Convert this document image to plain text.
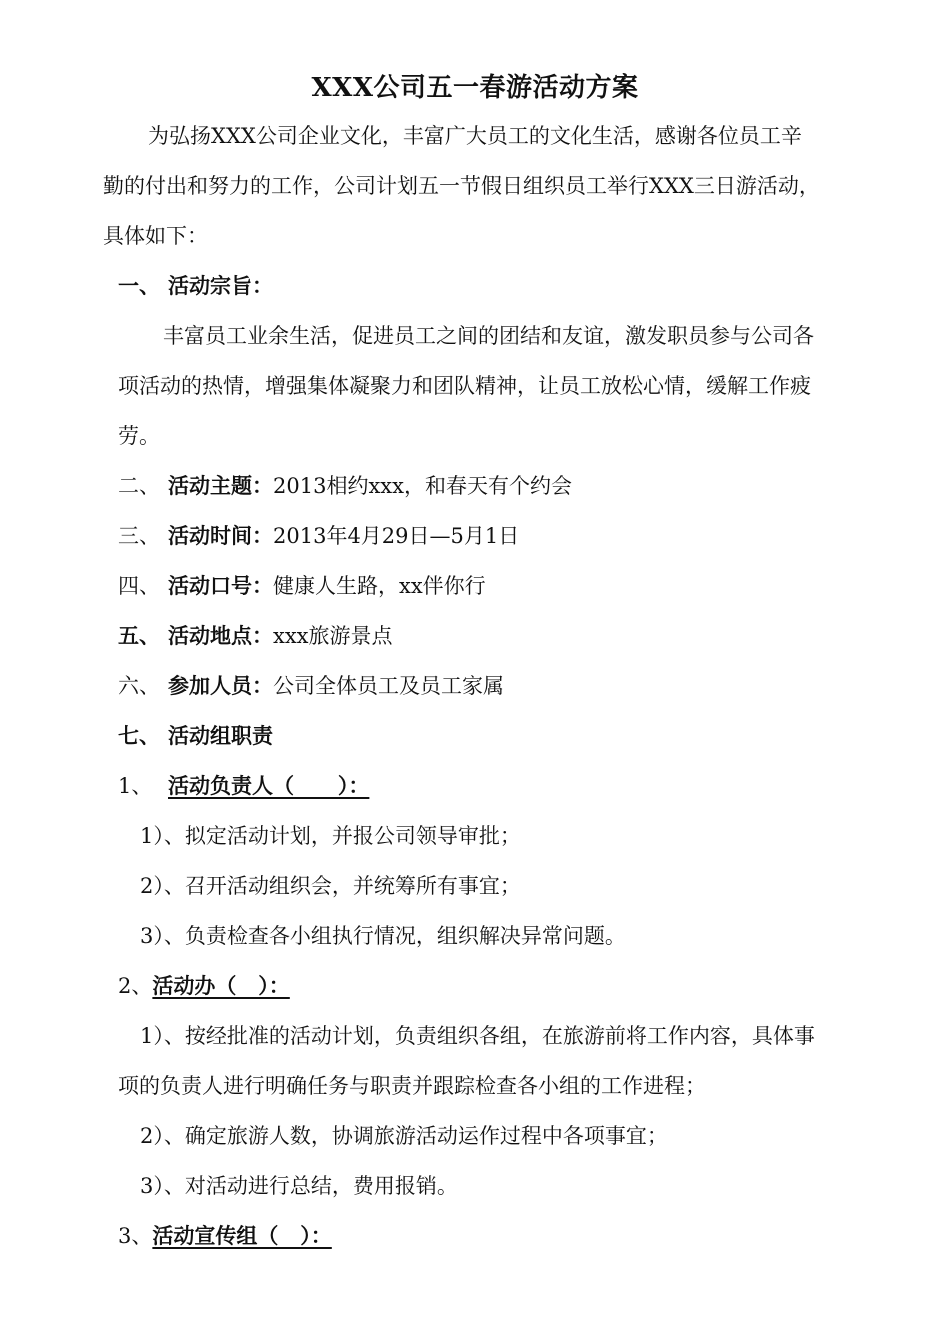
XXX公司五一春游活动方案
为弘扬XXX公司企业文化，丰富广大员工的文化生活，感谢各位员工辛
勤的付出和努力的工作，公司计划五一节假日组织员工举行XXX三日游活动，
具体如下：
一、 活动宗旨：
丰富员工业余生活，促进员工之间的团结和友谊，激发职员参与公司各
项活动的热情，增强集体凝聚力和团队精神，让员工放松心情，缓解工作疲
劳。
二、 活动主题：2013相约xxx，和春天有个约会
三、 活动时间：2013年4月29日—5月1日
四、 活动口号：健康人生路，xx伴你行
五、 活动地点：xxx旅游景点
六、 参加人员：公司全体员工及员工家属
七、 活动组职责
1、 活动负责人（      ）：
1）、拟定活动计划，并报公司领导审批；
2）、召开活动组织会，并统筹所有事宜；
3）、负责检查各小组执行情况，组织解决异常问题。
2、活动办（   ）：
1）、按经批准的活动计划，负责组织各组，在旅游前将工作内容，具体事
项的负责人进行明确任务与职责并跟踪检查各小组的工作进程；
2）、确定旅游人数，协调旅游活动运作过程中各项事宜；
3）、对活动进行总结，费用报销。
3、活动宣传组（   ）：
